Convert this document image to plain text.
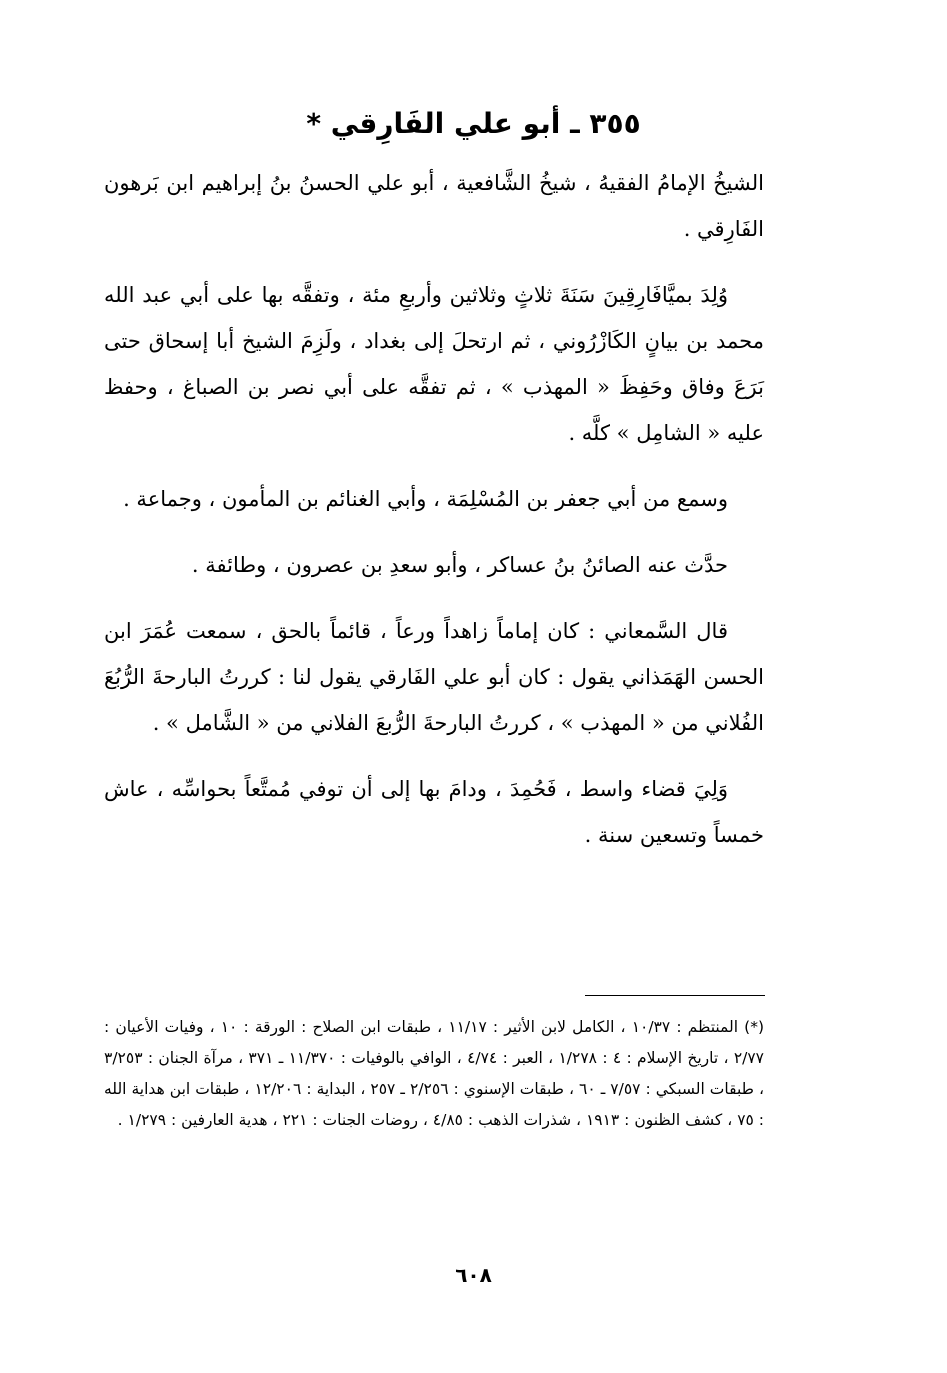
٣٥٥ ـ أبو علي الفَارِقي *

الشيخُ الإمامُ الفقيهُ ، شيخُ الشَّافعية ، أبو علي الحسنُ بنُ إبراهيم ابن بَرهون الفَارِقي .

وُلِدَ بميَّافَارِقِينَ سَنَةَ ثلاثٍ وثلاثين وأربعِ مئة ، وتفقَّه بها على أبي عبد الله محمد بن بيانٍ الكَازْرُوني ، ثم ارتحلَ إلى بغداد ، ولَزِمَ الشيخ أبا إسحاق حتى بَرَعَ وفاق وحَفِظَ « المهذب » ، ثم تفقَّه على أبي نصر بن الصباغ ، وحفظ عليه « الشامِل » كلَّه .

وسمع من أبي جعفر بن المُسْلِمَة ، وأبي الغنائم بن المأمون ، وجماعة .

حدَّث عنه الصائنُ بنُ عساكر ، وأبو سعدِ بن عصرون ، وطائفة .

قال السَّمعاني : كان إماماً زاهداً ورعاً ، قائماً بالحق ، سمعت عُمَرَ ابن الحسن الهَمَذاني يقول : كان أبو علي الفَارقي يقول لنا : كررتُ البارحةَ الرُّبُعَ الفُلاني من « المهذب » ، كررتُ البارحةَ الرُّبعَ الفلاني من « الشَّامل » .

وَلِيَ قضاء واسط ، فَحُمِدَ ، ودامَ بها إلى أن توفي مُمتَّعاً بحواسِّه ، عاش خمساً وتسعين سنة .

(*) المنتظم : ١٠/٣٧ ، الكامل لابن الأثير : ١١/١٧ ، طبقات ابن الصلاح : الورقة : ١٠ ، وفيات الأعيان : ٢/٧٧ ، تاريخ الإسلام : ٤ : ١/٢٧٨ ، العبر : ٤/٧٤ ، الوافي بالوفيات : ١١/٣٧٠ ـ ٣٧١ ، مرآة الجنان : ٣/٢٥٣ ، طبقات السبكي : ٧/٥٧ ـ ٦٠ ، طبقات الإسنوي : ٢/٢٥٦ ـ ٢٥٧ ، البداية : ١٢/٢٠٦ ، طبقات ابن هداية الله : ٧٥ ، كشف الظنون : ١٩١٣ ، شذرات الذهب : ٤/٨٥ ، روضات الجنات : ٢٢١ ، هدية العارفين : ١/٢٧٩ .
٦٠٨
